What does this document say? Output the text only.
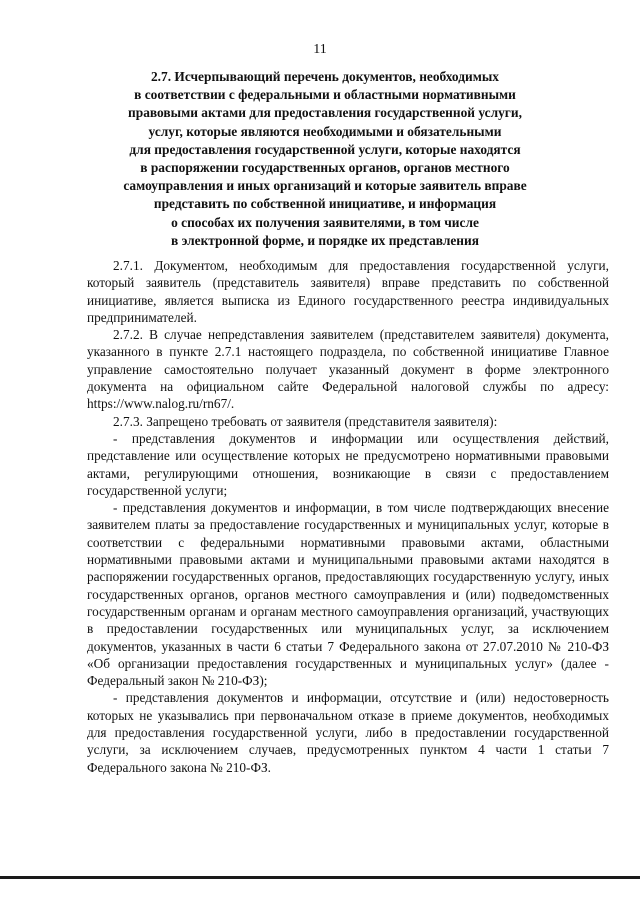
11
2.7. Исчерпывающий перечень документов, необходимых
в соответствии с федеральными и областными нормативными
правовыми актами для предоставления государственной услуги,
услуг, которые являются необходимыми и обязательными
для предоставления государственной услуги, которые находятся
в распоряжении государственных органов, органов местного
самоуправления и иных организаций и которые заявитель вправе
представить по собственной инициативе, и информация
о способах их получения заявителями, в том числе
в электронной форме, и порядке их представления

2.7.1. Документом, необходимым для предоставления государственной услуги, который заявитель (представитель заявителя) вправе представить по собственной инициативе, является выписка из Единого государственного реестра индивидуальных предпринимателей.

2.7.2. В случае непредставления заявителем (представителем заявителя) документа, указанного в пункте 2.7.1 настоящего подраздела, по собственной инициативе Главное управление самостоятельно получает указанный документ в форме электронного документа на официальном сайте Федеральной налоговой службы по адресу: https://www.nalog.ru/rn67/.

2.7.3. Запрещено требовать от заявителя (представителя заявителя):

- представления документов и информации или осуществления действий, представление или осуществление которых не предусмотрено нормативными правовыми актами, регулирующими отношения, возникающие в связи с предоставлением государственной услуги;

- представления документов и информации, в том числе подтверждающих внесение заявителем платы за предоставление государственных и муниципальных услуг, которые в соответствии с федеральными нормативными правовыми актами, областными нормативными правовыми актами и муниципальными правовыми актами находятся в распоряжении государственных органов, предоставляющих государственную услугу, иных государственных органов, органов местного самоуправления и (или) подведомственных государственным органам и органам местного самоуправления организаций, участвующих в предоставлении государственных или муниципальных услуг, за исключением документов, указанных в части 6 статьи 7 Федерального закона от 27.07.2010 № 210-ФЗ «Об организации предоставления государственных и муниципальных услуг» (далее - Федеральный закон № 210-ФЗ);

- представления документов и информации, отсутствие и (или) недостоверность которых не указывались при первоначальном отказе в приеме документов, необходимых для предоставления государственной услуги, либо в предоставлении государственной услуги, за исключением случаев, предусмотренных пунктом 4 части 1 статьи 7 Федерального закона № 210-ФЗ.
